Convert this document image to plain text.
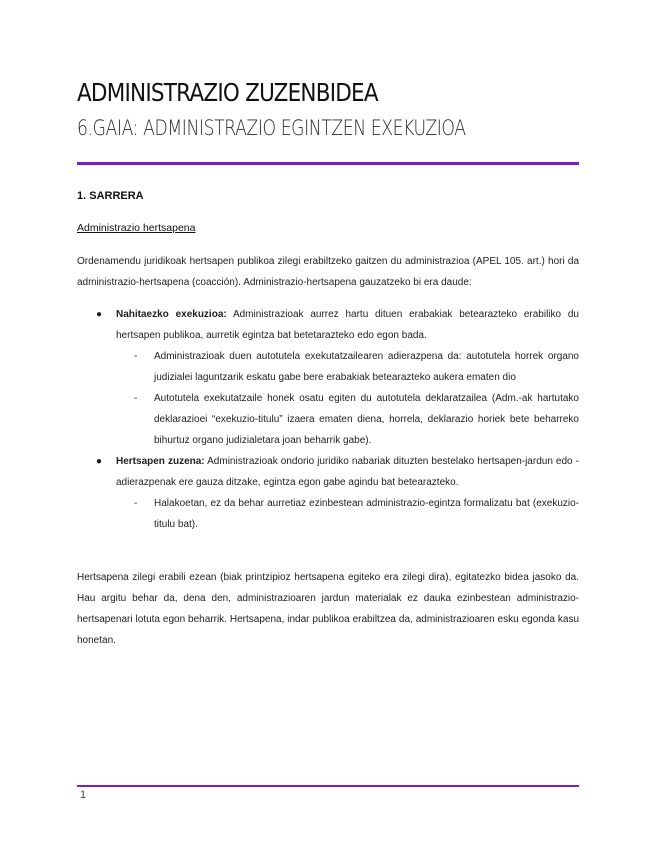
ADMINISTRAZIO ZUZENBIDEA
6.GAIA: ADMINISTRAZIO EGINTZEN EXEKUZIOA
1. SARRERA
Administrazio hertsapena
Ordenamendu juridikoak hertsapen publikoa zilegi erabiltzeko gaitzen du administrazioa (APEL 105. art.) hori da administrazio-hertsapena (coacción). Administrazio-hertsapena gauzatzeko bi era daude:
● Nahitaezko exekuzioa: Administrazioak aurrez hartu dituen erabakiak betearazteko erabiliko du hertsapen publikoa, aurretik egintza bat betetarazteko edo egon bada.
- Administrazioak duen autotutela exekutatzailearen adierazpena da: autotutela horrek organo judizialei laguntzarik eskatu gabe bere erabakiak betearazteko aukera ematen dio
- Autotutela exekutatzaile honek osatu egiten du autotutela deklaratzailea (Adm.-ak hartutako deklarazioei “exekuzio-titulu” izaera ematen diena, horrela, deklarazio horiek bete beharreko bihurtuz organo judizialetara joan beharrik gabe).
● Hertsapen zuzena: Administrazioak ondorio juridiko nabariak dituzten bestelako hertsapen-jardun edo -adierazpenak ere gauza ditzake, egintza egon gabe agindu bat betearazteko.
- Halakoetan, ez da behar aurretiaz ezinbestean administrazio-egintza formalizatu bat (exekuzio-titulu bat).
Hertsapena zilegi erabili ezean (biak printzipioz hertsapena egiteko era zilegi dira), egitatezko bidea jasoko da. Hau argitu behar da, dena den, administrazioaren jardun materialak ez dauka ezinbestean administrazio-hertsapenari lotuta egon beharrik. Hertsapena, indar publikoa erabiltzea da, administrazioaren esku egonda kasu honetan.
1
